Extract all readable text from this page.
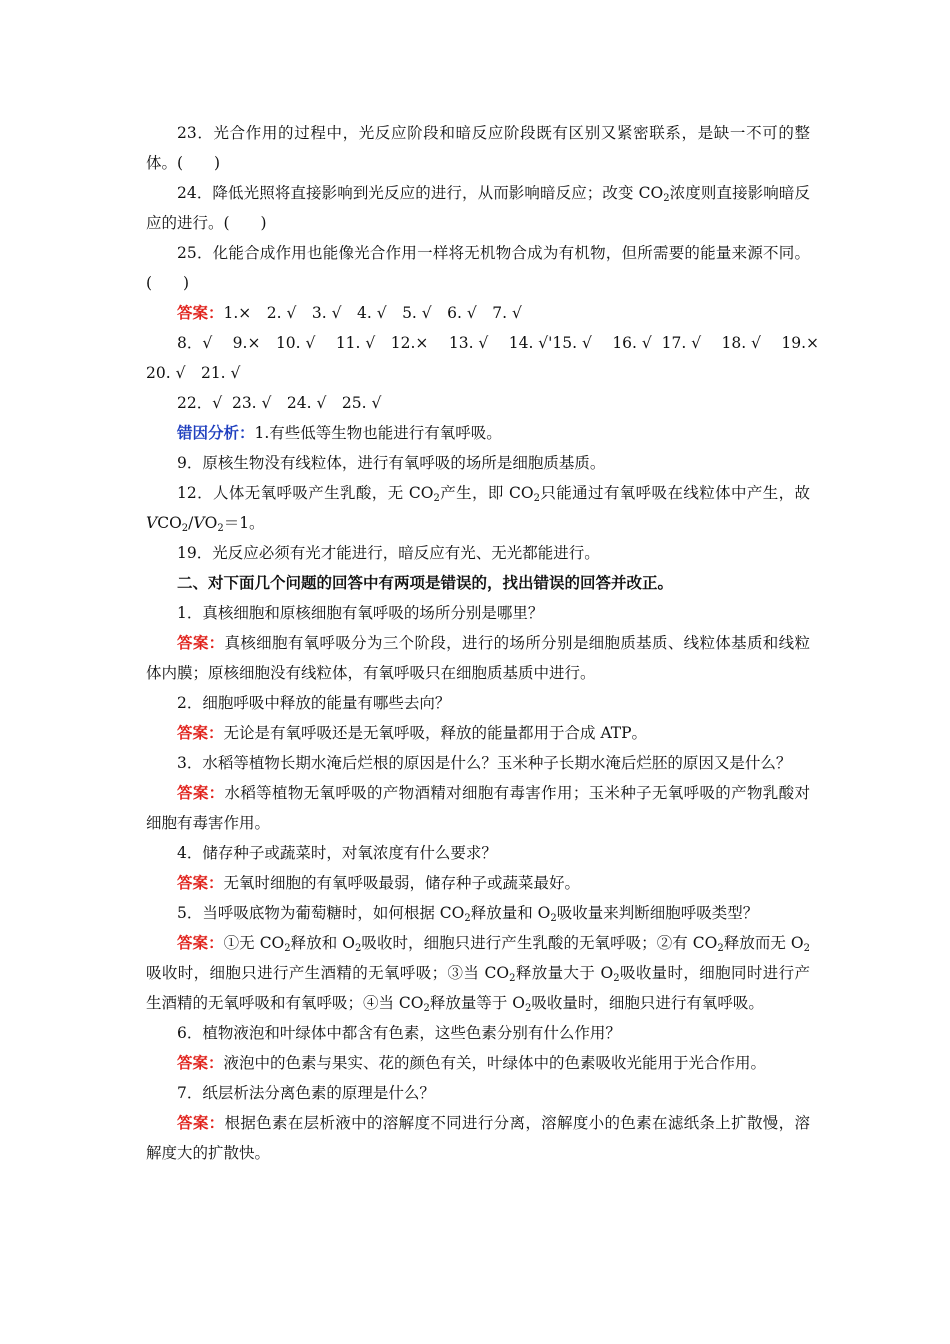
23．光合作用的过程中，光反应阶段和暗反应阶段既有区别又紧密联系，是缺一不可的整体。(　　)

24．降低光照将直接影响到光反应的进行，从而影响暗反应；改变 $CO_2$浓度则直接影响暗反应的进行。(　　)

25．化能合成作用也能像光合作用一样将无机物合成为有机物，但所需要的能量来源不同。(　　)

答案：1.×　2. √　3. √　4. √　5. √　6. √　7. √

8．√　 9.×　10. √　 11. √　12.×　 13. √　 14. √'15. √　 16. √  17. √　 18. √　 19.×

20. √　21. √

22．√  23. √　24. √　25. √

错因分析：1.有些低等生物也能进行有氧呼吸。

9．原核生物没有线粒体，进行有氧呼吸的场所是细胞质基质。

12．人体无氧呼吸产生乳酸，无 $CO_2$产生，即 $CO_2$只能通过有氧呼吸在线粒体中产生，故 $VCO_2/VO_2=1$。

19．光反应必须有光才能进行，暗反应有光、无光都能进行。

二、对下面几个问题的回答中有两项是错误的，找出错误的回答并改正。

1．真核细胞和原核细胞有氧呼吸的场所分别是哪里？

答案：真核细胞有氧呼吸分为三个阶段，进行的场所分别是细胞质基质、线粒体基质和线粒体内膜；原核细胞没有线粒体，有氧呼吸只在细胞质基质中进行。

2．细胞呼吸中释放的能量有哪些去向？

答案：无论是有氧呼吸还是无氧呼吸，释放的能量都用于合成 ATP。

3．水稻等植物长期水淹后烂根的原因是什么？玉米种子长期水淹后烂胚的原因又是什么？

答案：水稻等植物无氧呼吸的产物酒精对细胞有毒害作用；玉米种子无氧呼吸的产物乳酸对细胞有毒害作用。

4．储存种子或蔬菜时，对氧浓度有什么要求？

答案：无氧时细胞的有氧呼吸最弱，储存种子或蔬菜最好。

5．当呼吸底物为葡萄糖时，如何根据 $CO_2$释放量和 $O_2$吸收量来判断细胞呼吸类型？

答案：①无 $CO_2$释放和 $O_2$吸收时，细胞只进行产生乳酸的无氧呼吸；②有 $CO_2$释放而无 $O_2$吸收时，细胞只进行产生酒精的无氧呼吸；③当 $CO_2$释放量大于 $O_2$吸收量时，细胞同时进行产生酒精的无氧呼吸和有氧呼吸；④当 $CO_2$释放量等于 $O_2$吸收量时，细胞只进行有氧呼吸。

6．植物液泡和叶绿体中都含有色素，这些色素分别有什么作用？

答案：液泡中的色素与果实、花的颜色有关，叶绿体中的色素吸收光能用于光合作用。

7．纸层析法分离色素的原理是什么？

答案：根据色素在层析液中的溶解度不同进行分离，溶解度小的色素在滤纸条上扩散慢，溶解度大的扩散快。
